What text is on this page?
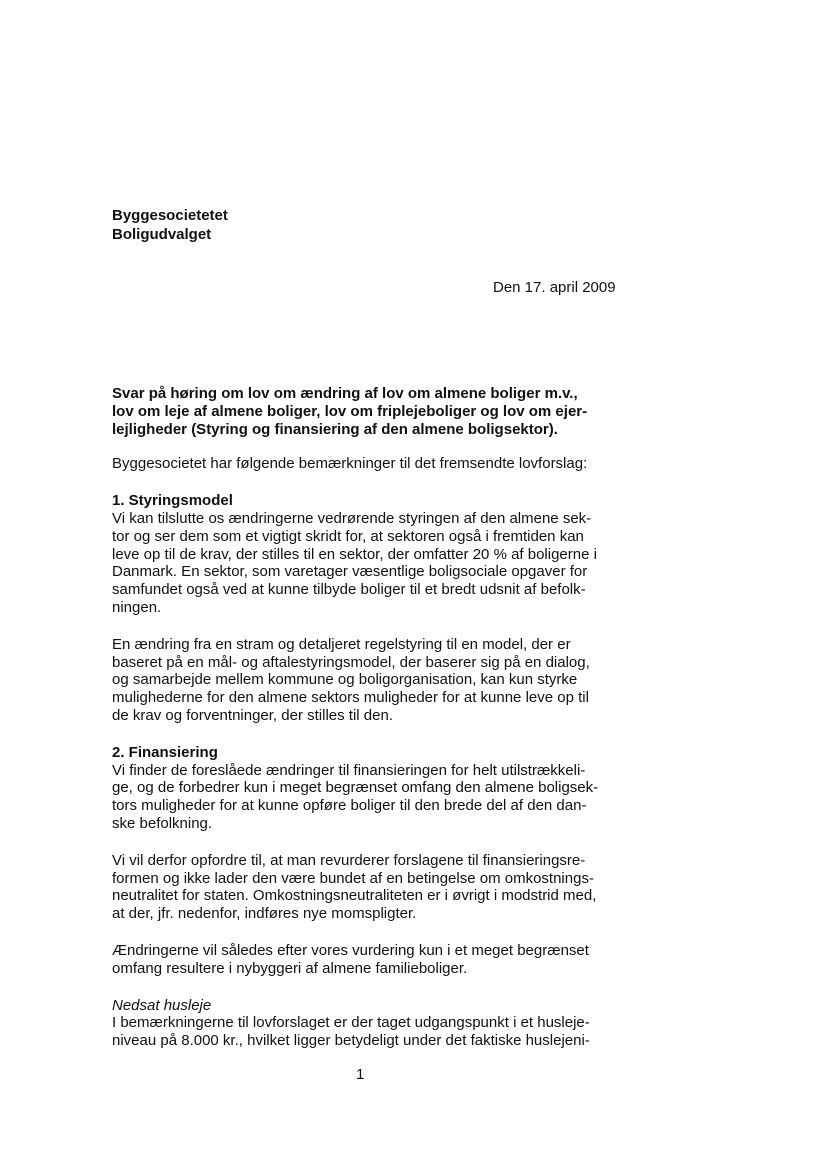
Byggesocietetet
Boligudvalget
Den 17. april 2009
Svar på høring om lov om ændring af lov om almene boliger m.v.,
lov om leje af almene boliger, lov om friplejeboliger og lov om ejer-
lejligheder (Styring og finansiering af den almene boligsektor).
Byggesocietet har følgende bemærkninger til det fremsendte lovforslag:
1. Styringsmodel
Vi kan tilslutte os ændringerne vedrørende styringen af den almene sek-
tor og ser dem som et vigtigt skridt for, at sektoren også i fremtiden kan
leve op til de krav, der stilles til en sektor, der omfatter 20 % af boligerne i
Danmark. En sektor, som varetager væsentlige boligsociale opgaver for
samfundet også ved at kunne tilbyde boliger til et bredt udsnit af befolk-
ningen.
En ændring fra en stram og detaljeret regelstyring til en model, der er
baseret på en mål- og aftalestyringsmodel, der baserer sig på en dialog,
og samarbejde mellem kommune og boligorganisation, kan kun styrke
mulighederne for den almene sektors muligheder for at kunne leve op til
de krav og forventninger, der stilles til den.
2. Finansiering
Vi finder de foreslåede ændringer til finansieringen for helt utilstrækkeli-
ge, og de forbedrer kun i meget begrænset omfang den almene boligsek-
tors muligheder for at kunne opføre boliger til den brede del af den dan-
ske befolkning.
Vi vil derfor opfordre til, at man revurderer forslagene til finansieringsre-
formen og ikke lader den være bundet af en betingelse om omkostnings-
neutralitet for staten. Omkostningsneutraliteten er i øvrigt i modstrid med,
at der, jfr. nedenfor, indføres nye momspligter.
Ændringerne vil således efter vores vurdering kun i et meget begrænset
omfang resultere i nybyggeri af almene familieboliger.
Nedsat husleje
I bemærkningerne til lovforslaget er der taget udgangspunkt i et husleje-
niveau på 8.000 kr., hvilket ligger betydeligt under det faktiske huslejeni-
1
